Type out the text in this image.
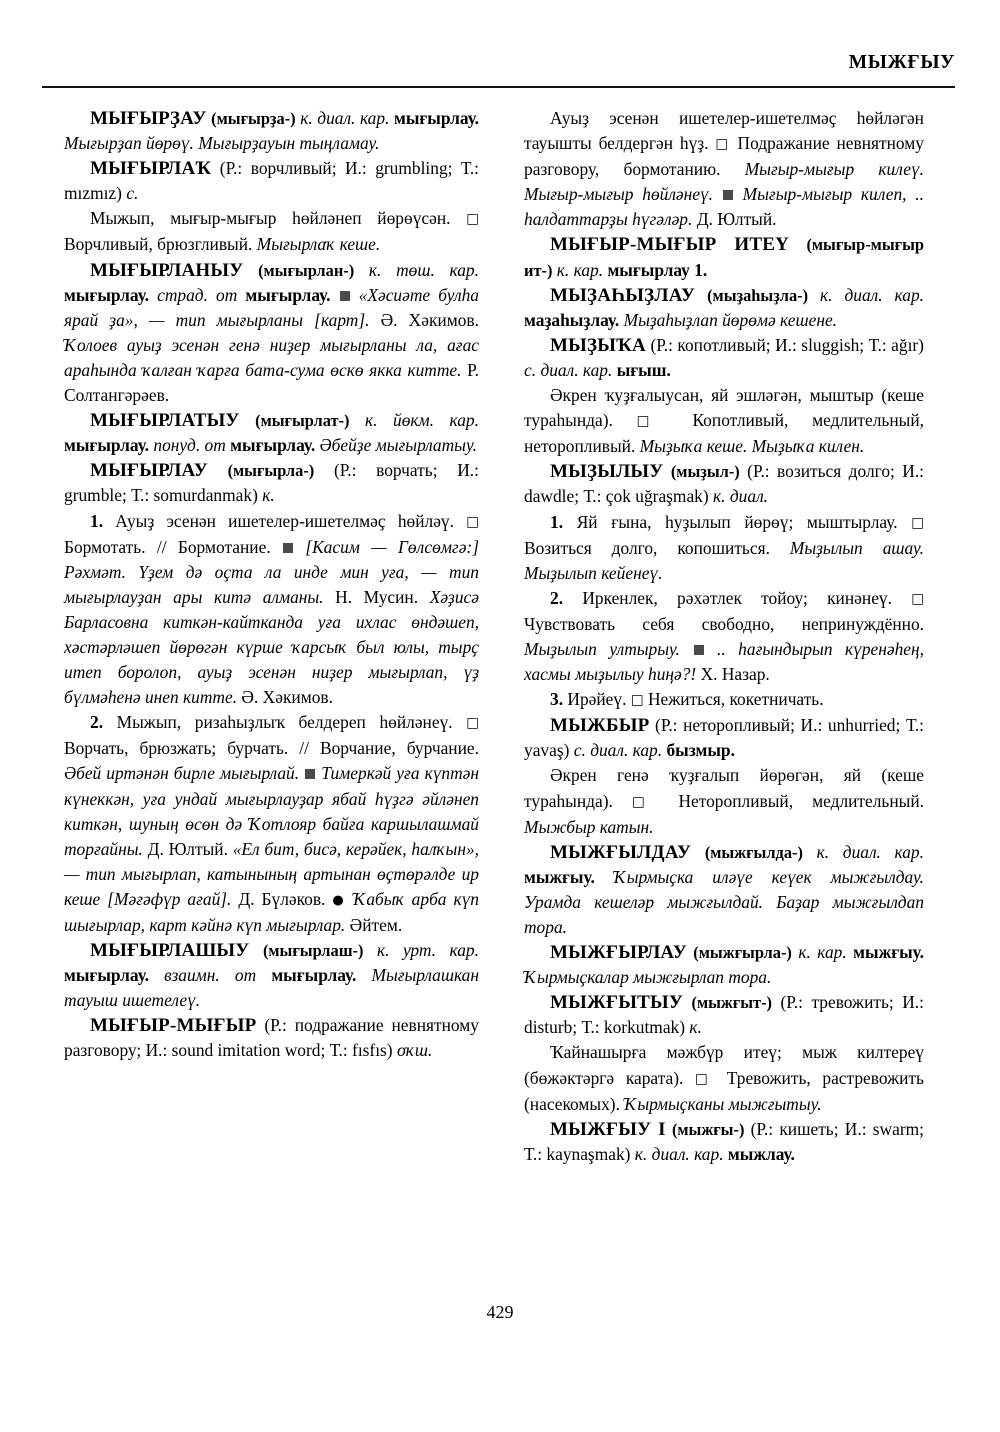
МЫЖҒЫУ

МЫҒЫРҘАУ (мығырҙа-) к. диал. кар. мығырлау. Мығырҙап йөрөү. Мығырҙауын тыңламау.

МЫҒЫРЛАҠ (Р.: ворчливый; И.: grumbling; Т.: mızmız) с.

Мыжып, мығыр-мығыр һөйләнеп йөрөүсән. □ Ворчливый, брюзгливый. Мығырлаҡ кеше.

МЫҒЫРЛАНЫУ (мығырлан-) к. төш. кар. мығырлау. страд. от мығырлау. «Хәсиәте булһа ярай ҙа», — тип мығырланы [карт]. Ә. Хәкимов. Ҡолоев ауыҙ эсенән генә ниҙер мығырланы ла, ағас араһында ҡалған ҡарға бата-сума өскө якка китте. Р. Солтангәрәев.

МЫҒЫРЛАТЫУ (мығырлат-) к. йөкм. кар. мығырлау. понуд. от мығырлау. Әбейҙе мығырлатыу.

МЫҒЫРЛАУ (мығырла-) (Р.: ворчать; И.: grumble; Т.: somurdanmak) к.

1. Ауыҙ эсенән ишетелер-ишетелмәҫ һөйләү. □ Бормотать. // Бормотание. [Касим — Гөлсөмгә:] Рәхмәт. Үҙем дә оҫта ла инде мин уға, — тип мығырлауҙан ары китә алманы. Н. Мусин. Хәҙисә Барласовна киткән-кайтканда уға ихлас өндәшеп, хәстәрләшеп йөрөгән күрше ҡарсыҡ был юлы, тырҫ итеп боролоп, ауыҙ эсенән ниҙер мығырлап, үҙ бүлмәһенә инеп китте. Ә. Хәкимов.

2. Мыжып, ризаһыҙлыҡ белдереп һөйләнеү. □ Ворчать, брюзжать; бурчать. // Ворчание, бурчание. Әбей иртәнән бирле мығырлай. Тимеркәй уға күптән күнеккән, уға ундай мығырлауҙар ябай һүҙгә әйләнеп киткән, шуның өсөн дә Ҡотлояр байға каршылашмай торғайны. Д. Юлтый. «Ел бит, бисә, керәйек, һалҡын», — тип мығырлап, катынының артынан өҫтөрәлде ир кеше [Мәғәфүр ағай]. Д. Бүләков. ● Ҡабыҡ арба күп шығырлар, карт кәйнә күп мығырлар. Әйтем.

МЫҒЫРЛАШЫУ (мығырлаш-) к. урт. кар. мығырлау. взаимн. от мығырлау. Мығырлашкан тауыш ишетелеү.

МЫҒЫР-МЫҒЫР (Р.: подражание невнятному разговору; И.: sound imitation word; Т.: fısfıs) оҡш.

Ауыҙ эсенән ишетелер-ишетелмәҫ һөйләгән тауышты белдергән һүҙ. □ Подражание невнятному разговору, бормотанию. Мығыр-мығыр килеү. Мығыр-мығыр һөйләнеү. Мығыр-мығыр килеп, .. һалдаттарҙы һүгәләр. Д. Юлтый.

МЫҒЫР-МЫҒЫР ИТЕҮ (мығыр-мығыр ит-) к. кар. мығырлау 1.

МЫҘАҺЫҘЛАУ (мыҙаһыҙла-) к. диал. кар. маҙаһыҙлау. Мыҙаһыҙлап йөрөмә кешене.

МЫҘЫҠА (Р.: копотливый; И.: sluggish; Т.: ağır) с. диал. кар. ығыш.

Әкрен ҡуҙғалыусан, яй эшләгән, мыштыр (кеше тураһында). □ Копотливый, медлительный, неторопливый. Мыҙыҡа кеше. Мыҙыҡа килен.

МЫҘЫЛЫУ (мыҙыл-) (Р.: возиться долго; И.: dawdle; Т.: çok uğraşmak) к. диал.

1. Яй ғына, һуҙылып йөрөү; мыштырлау. □ Возиться долго, копошиться. Мыҙылып ашау. Мыҙылып кейенеү.

2. Иркенлек, рәхәтлек тойоу; кинәнеү. □ Чувствовать себя свободно, непринуждённо. Мыҙылып ултырыу. .. һағындырып күренәһең, хасмы мыҙылыу һиңә?! Х. Назар.

3. Ирәйеү. □ Нежиться, кокетничать.

МЫЖБЫР (Р.: неторопливый; И.: unhurried; Т.: yavaş) с. диал. кар. бызмыр.

Әкрен генә ҡуҙғалып йөрөгән, яй (кеше тураһында). □ Неторопливый, медлительный. Мыжбыр катын.

МЫЖҒЫЛДАУ (мыжғылда-) к. диал. кар. мыжғыу. Ҡырмыҫка иләүе кеүек мыжғылдау. Урамда кешеләр мыжғылдай. Баҙар мыжғылдап тора.

МЫЖҒЫРЛАУ (мыжғырла-) к. кар. мыжғыу. Ҡырмыҫкалар мыжғырлап тора.

МЫЖҒЫТЫУ (мыжғыт-) (Р.: тревожить; И.: disturb; Т.: korkutmak) к.

Ҡайнашырға мәжбүр итеү; мыж килтереү (бөжәктәргә карата). □ Тревожить, растревожить (насекомых). Ҡырмыҫканы мыжғытыу.

МЫЖҒЫУ I (мыжғы-) (Р.: кишеть; И.: swarm; Т.: kaynaşmak) к. диал. кар. мыжлау.

429
